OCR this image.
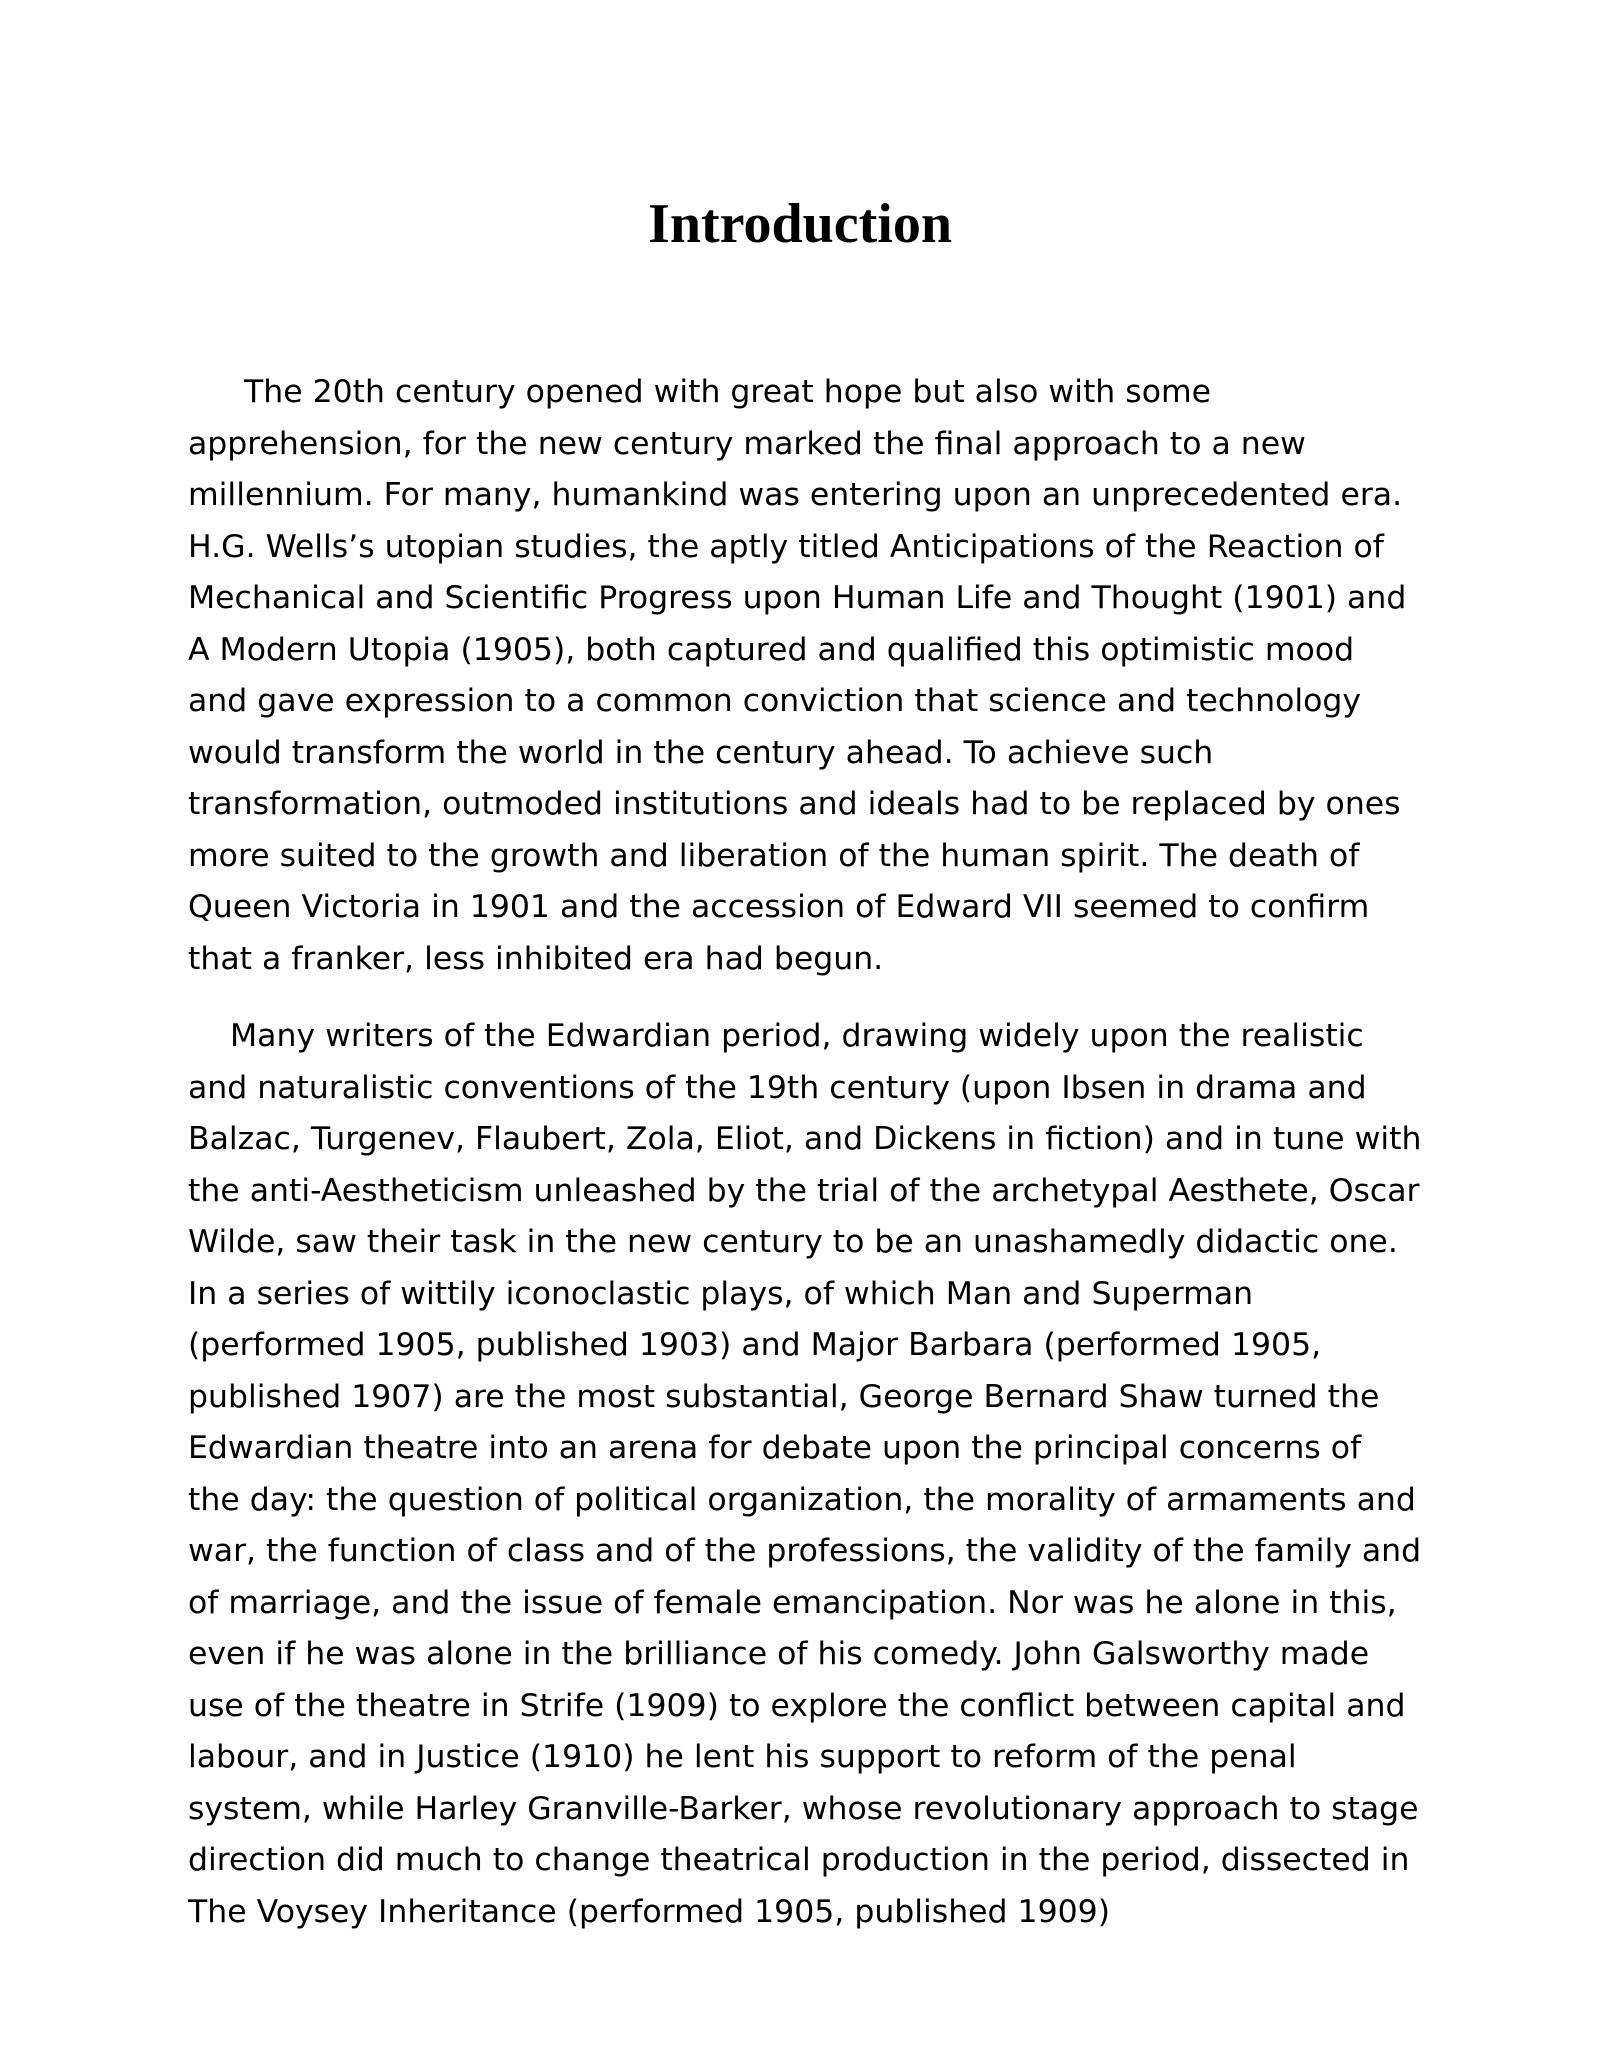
Introduction

The 20th century opened with great hope but also with some apprehension, for the new century marked the final approach to a new millennium. For many, humankind was entering upon an unprecedented era. H.G. Wells’s utopian studies, the aptly titled Anticipations of the Reaction of Mechanical and Scientific Progress upon Human Life and Thought (1901) and A Modern Utopia (1905), both captured and qualified this optimistic mood and gave expression to a common conviction that science and technology would transform the world in the century ahead. To achieve such transformation, outmoded institutions and ideals had to be replaced by ones more suited to the growth and liberation of the human spirit. The death of Queen Victoria in 1901 and the accession of Edward VII seemed to confirm that a franker, less inhibited era had begun.

Many writers of the Edwardian period, drawing widely upon the realistic and naturalistic conventions of the 19th century (upon Ibsen in drama and Balzac, Turgenev, Flaubert, Zola, Eliot, and Dickens in fiction) and in tune with the anti-Aestheticism unleashed by the trial of the archetypal Aesthete, Oscar Wilde, saw their task in the new century to be an unashamedly didactic one. In a series of wittily iconoclastic plays, of which Man and Superman (performed 1905, published 1903) and Major Barbara (performed 1905, published 1907) are the most substantial, George Bernard Shaw turned the Edwardian theatre into an arena for debate upon the principal concerns of the day: the question of political organization, the morality of armaments and war, the function of class and of the professions, the validity of the family and of marriage, and the issue of female emancipation. Nor was he alone in this, even if he was alone in the brilliance of his comedy. John Galsworthy made use of the theatre in Strife (1909) to explore the conflict between capital and labour, and in Justice (1910) he lent his support to reform of the penal system, while Harley Granville-Barker, whose revolutionary approach to stage direction did much to change theatrical production in the period, dissected in The Voysey Inheritance (performed 1905, published 1909)
